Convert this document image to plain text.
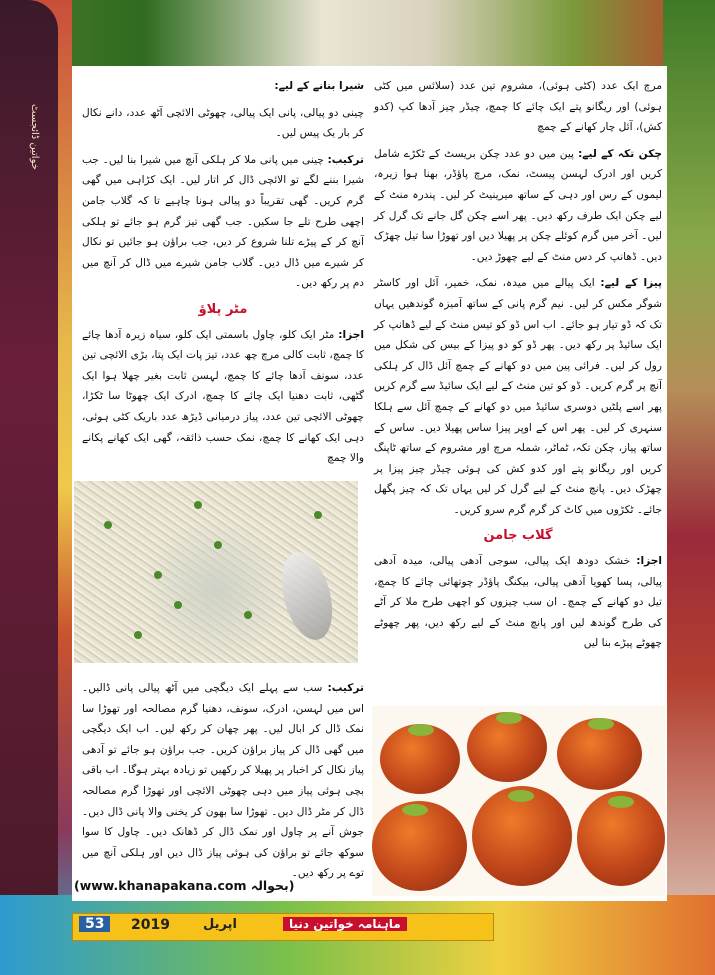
خواتین ڈائجسٹ

مرچ ایک عدد (کٹی ہوئی)، مشروم تین عدد (سلائس میں کٹی ہوئی) اور ریگانو پتے ایک چائے کا چمچ، چیڈر چیز آدھا کپ (کدو کش)، آئل چار کھانے کے چمچ

چکن تکہ کے لیے: پین میں دو عدد چکن بریسٹ کے ٹکڑے شامل کریں اور ادرک لہسن پیسٹ، نمک، مرچ پاؤڈر، بھنا ہوا زیرہ، لیموں کے رس اور دہی کے ساتھ میرینیٹ کر لیں۔ پندرہ منٹ کے لیے چکن ایک طرف رکھ دیں۔ پھر اسے چکن گل جانے تک گرل کر لیں۔ آخر میں گرم کوئلے چکن پر پھیلا دیں اور تھوڑا سا تیل چھڑک دیں۔ ڈھانپ کر دس منٹ کے لیے چھوڑ دیں۔

پیزا کے لیے: ایک پیالے میں میدہ، نمک، خمیر، آئل اور کاسٹر شوگر مکس کر لیں۔ نیم گرم پانی کے ساتھ آمیزہ گوندھیں یہاں تک کہ ڈو تیار ہو جائے۔ اب اس ڈو کو تیس منٹ کے لیے ڈھانپ کر ایک سائیڈ پر رکھ دیں۔ پھر ڈو کو دو پیزا کے بیس کی شکل میں رول کر لیں۔ فرائی پین میں دو کھانے کے چمچ آئل ڈال کر ہلکی آنچ پر گرم کریں۔ ڈو کو تین منٹ کے لیے ایک سائیڈ سے گرم کریں پھر اسے پلٹیں دوسری سائیڈ میں دو کھانے کے چمچ آئل سے ہلکا سنہری کر لیں۔ پھر اس کے اوپر پیزا ساس پھیلا دیں۔ ساس کے ساتھ پیاز، چکن تکہ، ٹماٹر، شملہ مرچ اور مشروم کے ساتھ ٹاپنگ کریں اور ریگانو پتے اور کدو کش کی ہوئی چیڈر چیز پیزا پر چھڑک دیں۔ پانچ منٹ کے لیے گرل کر لیں یہاں تک کہ چیز پگھل جائے۔ ٹکڑوں میں کاٹ کر گرم گرم سرو کریں۔

گلاب جامن

اجزا: خشک دودھ ایک پیالی، سوجی آدھی پیالی، میدہ آدھی پیالی، پسا کھویا آدھی پیالی، بیکنگ پاؤڈر چوتھائی چائے کا چمچ، تیل دو کھانے کے چمچ۔ ان سب چیزوں کو اچھی طرح ملا کر آٹے کی طرح گوندھ لیں اور پانچ منٹ کے لیے رکھ دیں، پھر چھوٹے چھوٹے پیڑے بنا لیں

شیرا بنانے کے لیے:

چینی دو پیالی، پانی ایک پیالی، چھوٹی الائچی آٹھ عدد، دانے نکال کر بار یک پیس لیں۔

ترکیب: چینی میں پانی ملا کر ہلکی آنچ میں شیرا بنا لیں۔ جب شیرا بننے لگے تو الائچی ڈال کر اتار لیں۔ ایک کڑاہی میں گھی گرم کریں۔ گھی تقریباً دو پیالی ہونا چاہیے تا کہ گلاب جامن اچھی طرح تلے جا سکیں۔ جب گھی تیز گرم ہو جائے تو ہلکی آنچ کر کے پیڑے تلنا شروع کر دیں، جب براؤن ہو جائیں تو نکال کر شیرے میں ڈال دیں۔ گلاب جامن شیرے میں ڈال کر آنچ میں دم پر رکھ دیں۔

مٹر پلاؤ

اجزا: مٹر ایک کلو، چاول باسمتی ایک کلو، سیاہ زیرہ آدھا چائے کا چمچ، ثابت کالی مرچ چھ عدد، تیز پات ایک پتا، بڑی الائچی تین عدد، سونف آدھا چائے کا چمچ، لہسن ثابت بغیر چھلا ہوا ایک گٹھی، ثابت دھنیا ایک چائے کا چمچ، ادرک ایک چھوٹا سا ٹکڑا، چھوٹی الائچی تین عدد، پیاز درمیانی ڈیڑھ عدد باریک کٹی ہوئی، دہی ایک کھانے کا چمچ، نمک حسب ذائقہ، گھی ایک کھانے پکانے والا چمچ

ترکیب: سب سے پہلے ایک دیگچی میں آٹھ پیالی پانی ڈالیں۔ اس میں لہسن، ادرک، سونف، دھنیا گرم مصالحہ اور تھوڑا سا نمک ڈال کر ابال لیں۔ پھر چھان کر رکھ لیں۔ اب ایک دیگچی میں گھی ڈال کر پیاز براؤن کریں۔ جب براؤن ہو جائے تو آدھی پیاز نکال کر اخبار پر پھیلا کر رکھیں تو زیادہ بہتر ہوگا۔ اب باقی بچی ہوئی پیاز میں دہی چھوٹی الائچی اور تھوڑا گرم مصالحہ ڈال کر مٹر ڈال دیں۔ تھوڑا سا بھون کر یخنی والا پانی ڈال دیں۔ جوش آنے پر چاول اور نمک ڈال کر ڈھانک دیں۔ چاول کا سوا سوکھ جائے تو براؤن کی ہوئی پیاز ڈال دیں اور ہلکی آنچ میں توے پر رکھ دیں۔

(www.khanapakana.com بحوالہ)
53	2019	اپریل	ماہنامہ خواتین دنیا
